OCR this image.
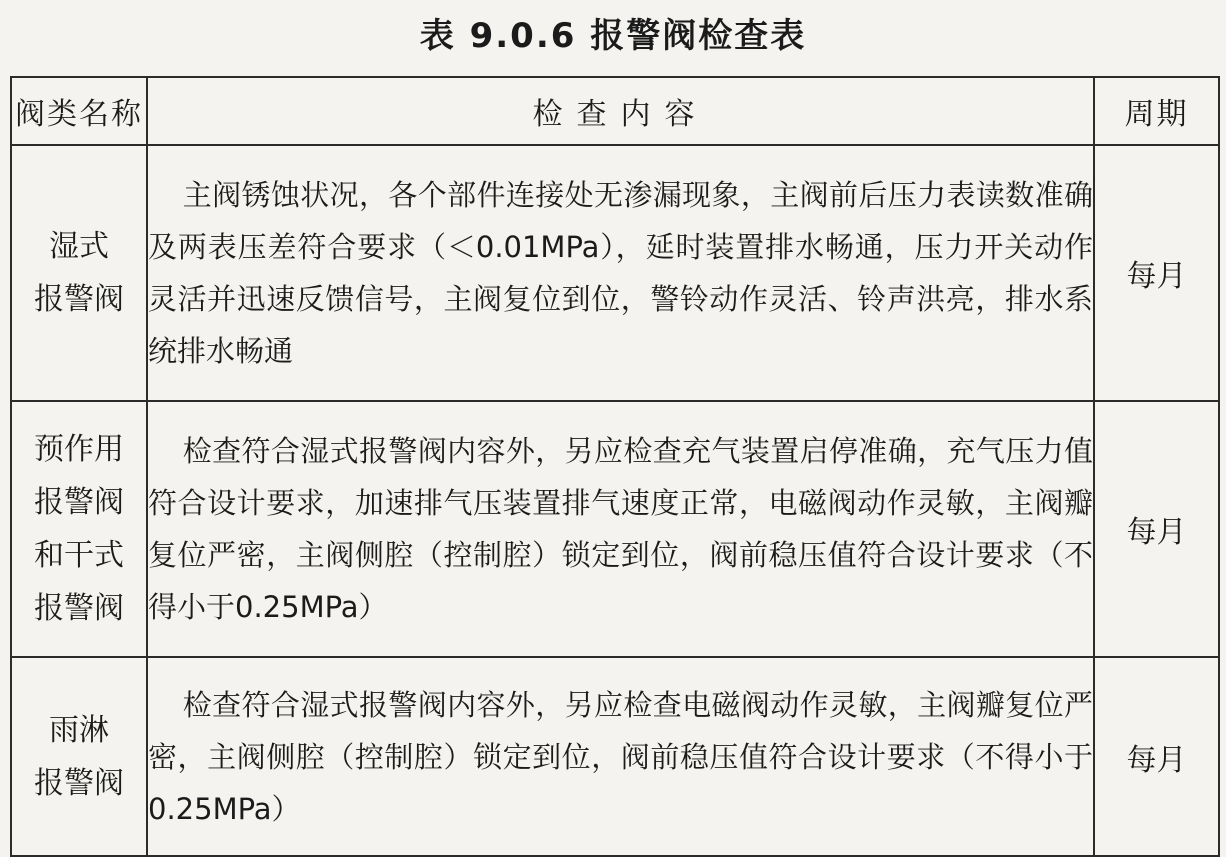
表 9.0.6 报警阀检查表
阀类名称	检查内容	周期

湿式
报警阀	主阀锈蚀状况，各个部件连接处无渗漏现象，主阀前后压力表读数准确及两表压差符合要求（＜0.01MPa），延时装置排水畅通，压力开关动作灵活并迅速反馈信号，主阀复位到位，警铃动作灵活、铃声洪亮，排水系统排水畅通	每月

预作用
报警阀
和干式
报警阀	检查符合湿式报警阀内容外，另应检查充气装置启停准确，充气压力值符合设计要求，加速排气压装置排气速度正常，电磁阀动作灵敏，主阀瓣复位严密，主阀侧腔（控制腔）锁定到位，阀前稳压值符合设计要求（不得小于0.25MPa）	每月

雨淋
报警阀	检查符合湿式报警阀内容外，另应检查电磁阀动作灵敏，主阀瓣复位严密，主阀侧腔（控制腔）锁定到位，阀前稳压值符合设计要求（不得小于0.25MPa）	每月
